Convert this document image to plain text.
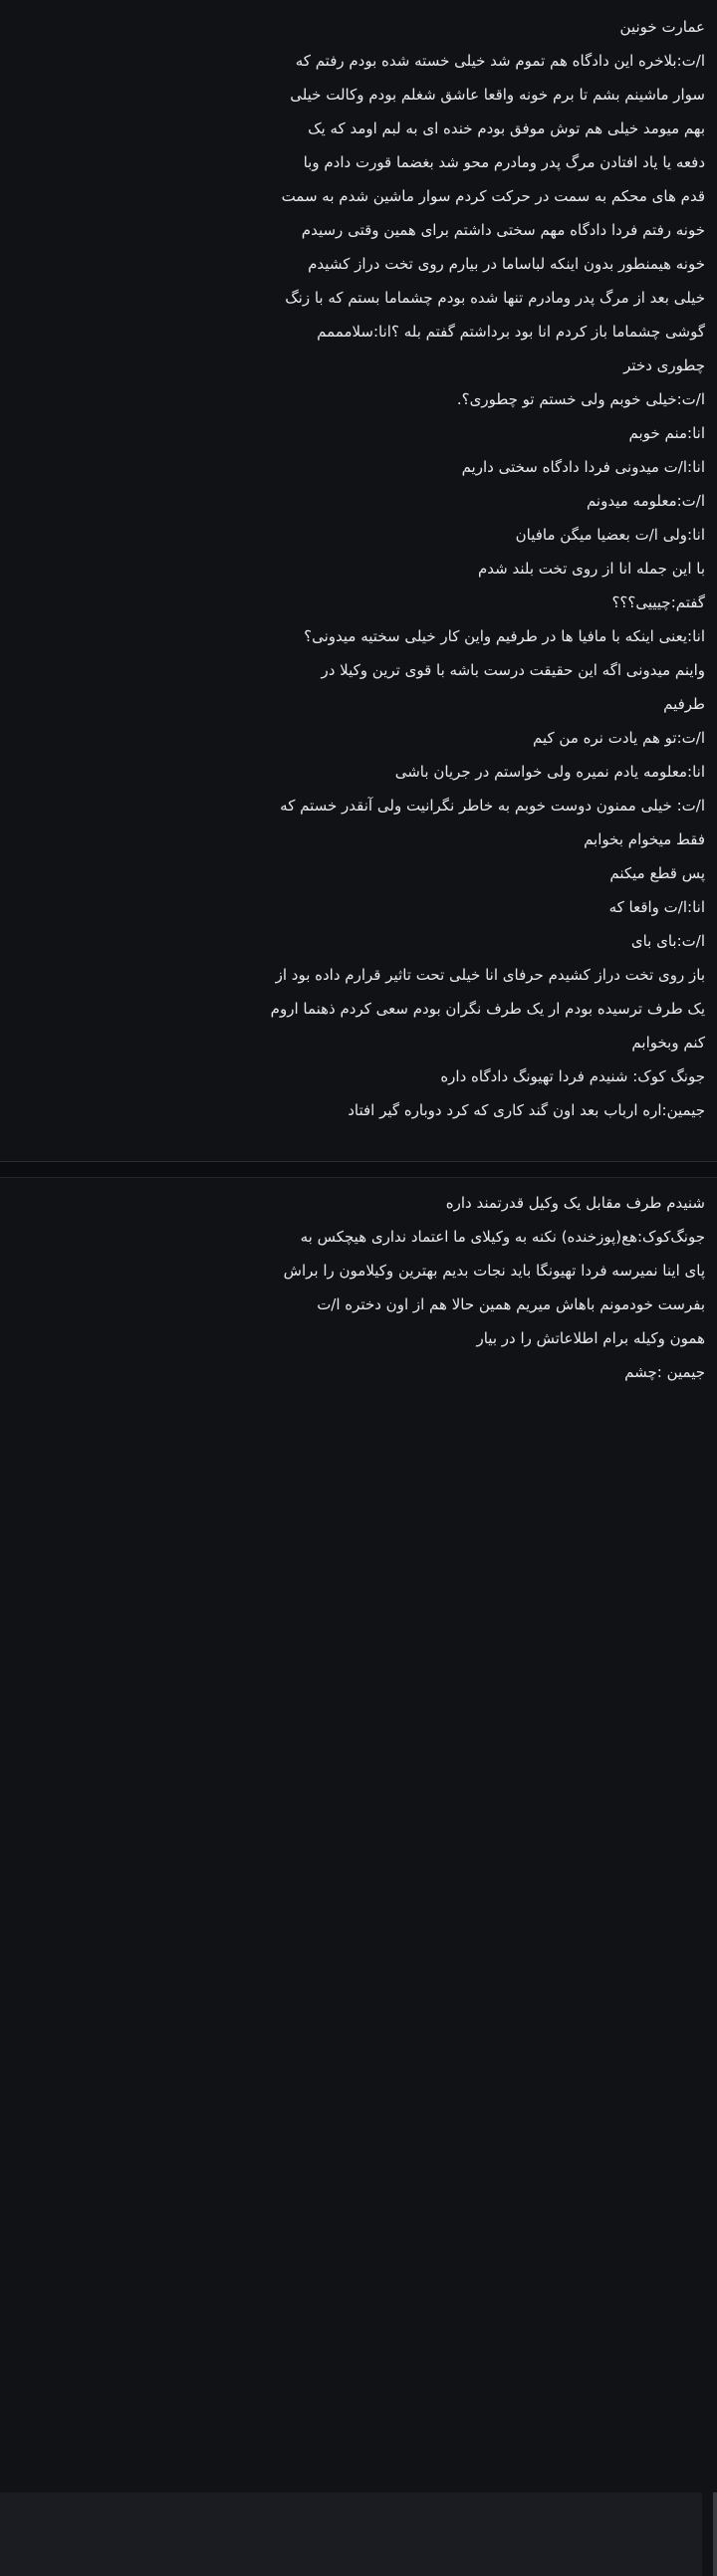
عمارت خونین

ا/ت:بلاخره این دادگاه هم تموم شد خیلی خسته شده بودم رفتم که

سوار ماشینم بشم تا برم خونه واقعا عاشق شغلم بودم وکالت خیلی

بهم میومد خیلی هم توش موفق بودم خنده ای به لبم اومد که یک

دفعه یا یاد افتادن مرگ پدر ومادرم محو شد بغضما قورت دادم وبا

قدم های محکم به سمت در حرکت کردم سوار ماشین شدم به سمت

خونه رفتم فردا دادگاه مهم سختی داشتم برای همین وقتی رسیدم

خونه هیمنطور بدون اینکه لباساما در بیارم روی تخت دراز کشیدم

خیلی بعد از مرگ پدر ومادرم تنها شده بودم چشماما بستم که با زنگ

گوشی چشماما باز کردم انا بود برداشتم گفتم بله ؟انا:سلامممم

چطوری دختر

ا/ت:خیلی خوبم ولی خستم تو چطوری؟.

انا:منم خوبم

انا:ا/ت میدونی فردا دادگاه سختی داریم

ا/ت:معلومه میدونم

انا:ولی ا/ت بعضیا میگن مافیان

با این جمله انا از روی تخت بلند شدم

گفتم:چیییی؟؟؟

انا:یعنی اینکه با مافیا ها در طرفیم واین کار خیلی سختیه میدونی؟

واینم میدونی اگه این حقیقت درست باشه با قوی ترین وکیلا در

طرفیم

ا/ت:تو هم یادت نره من کیم

انا:معلومه یادم نمیره ولی خواستم در جریان باشی

ا/ت: خیلی ممنون دوست خوبم به خاطر نگرانیت ولی آنقدر خستم که

فقط میخوام بخوابم

پس قطع میکنم

انا:ا/ت واقعا که

ا/ت:بای بای

باز روی تخت دراز کشیدم حرفای انا خیلی تحت تاثیر قرارم داده بود از

یک طرف ترسیده بودم ار یک طرف نگران بودم سعی کردم ذهنما اروم

کنم وبخوابم

جونگ کوک: شنیدم فردا تهیونگ دادگاه داره

جیمین:اره ارباب بعد اون گند کاری که کرد دوباره گیر افتاد

شنیدم طرف مقابل یک وکیل قدرتمند داره

جونگ‌کوک:هع(پوزخنده) نکنه به وکیلای ما اعتماد نداری هیچکس به

پای اینا نمیرسه فردا تهیونگا باید نجات بدیم بهترین وکیلامون را براش

بفرست خودمونم باهاش میریم همین حالا هم از اون دختره ا/ت

همون وکیله برام اطلاعاتش را در بیار

جیمین :چشم
